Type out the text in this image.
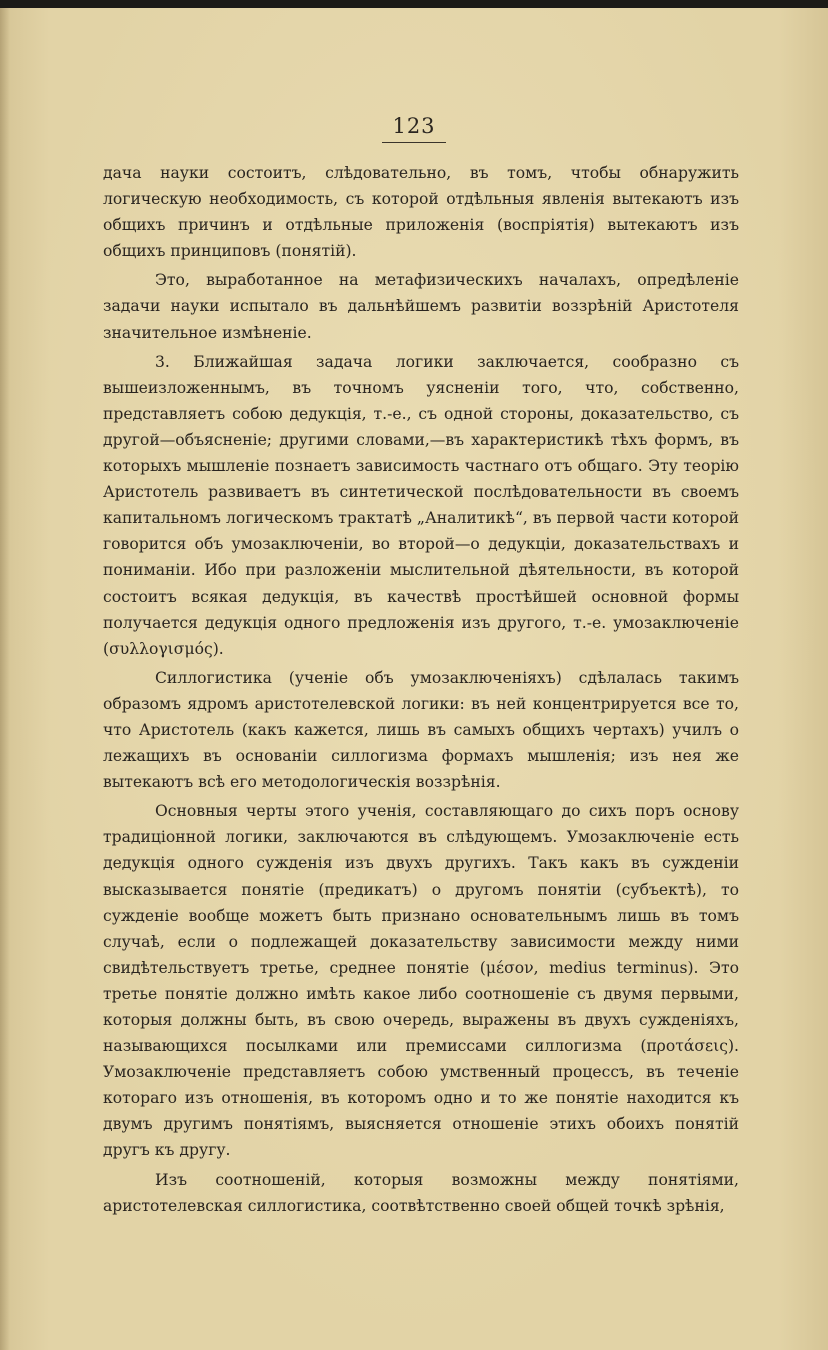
123

дача науки состоитъ, слѣдовательно, въ томъ, чтобы обнаружить логическую необходимость, съ которой отдѣльныя явленія вытекаютъ изъ общихъ причинъ и отдѣльные приложенія (воспріятія) вытекаютъ изъ общихъ принциповъ (понятій).

Это, выработанное на метафизическихъ началахъ, опредѣленіе задачи науки испытало въ дальнѣйшемъ развитіи воззрѣній Аристотеля значительное измѣненіе.

3. Ближайшая задача логики заключается, сообразно съ вышеизложеннымъ, въ точномъ уясненіи того, что, собственно, представляетъ собою дедукція, т.-е., съ одной стороны, доказательство, съ другой—объясненіе; другими словами,—въ характеристикѣ тѣхъ формъ, въ которыхъ мышленіе познаетъ зависимость частнаго отъ общаго. Эту теорію Аристотель развиваетъ въ синтетической послѣдовательности въ своемъ капитальномъ логическомъ трактатѣ „Аналитикѣ“, въ первой части которой говорится объ умозаключеніи, во второй—о дедукціи, доказательствахъ и пониманіи. Ибо при разложеніи мыслительной дѣятельности, въ которой состоитъ всякая дедукція, въ качествѣ простѣйшей основной формы получается дедукція одного предложенія изъ другого, т.-е. умозаключеніе (συλλογισμός).

Силлогистика (ученіе объ умозаключеніяхъ) сдѣлалась такимъ образомъ ядромъ аристотелевской логики: въ ней концентрируется все то, что Аристотель (какъ кажется, лишь въ самыхъ общихъ чертахъ) училъ о лежащихъ въ основаніи силлогизма формахъ мышленія; изъ нея же вытекаютъ всѣ его методологическія воззрѣнія.

Основныя черты этого ученія, составляющаго до сихъ поръ основу традиціонной логики, заключаются въ слѣдующемъ. Умозаключеніе есть дедукція одного сужденія изъ двухъ другихъ. Такъ какъ въ сужденіи высказывается понятіе (предикатъ) о другомъ понятіи (субъектѣ), то сужденіе вообще можетъ быть признано основательнымъ лишь въ томъ случаѣ, если о подлежащей доказательству зависимости между ними свидѣтельствуетъ третье, среднее понятіе (μέσον, medius terminus). Это третье понятіе должно имѣть какое либо соотношеніе съ двумя первыми, которыя должны быть, въ свою очередь, выражены въ двухъ сужденіяхъ, называющихся посылками или премиссами силлогизма (προτάσεις). Умозаключеніе представляетъ собою умственный процессъ, въ теченіе котораго изъ отношенія, въ которомъ одно и то же понятіе находится къ двумъ другимъ понятіямъ, выясняется отношеніе этихъ обоихъ понятій другъ къ другу.

Изъ соотношеній, которыя возможны между понятіями, аристотелевская силлогистика, соотвѣтственно своей общей точкѣ зрѣнія,
